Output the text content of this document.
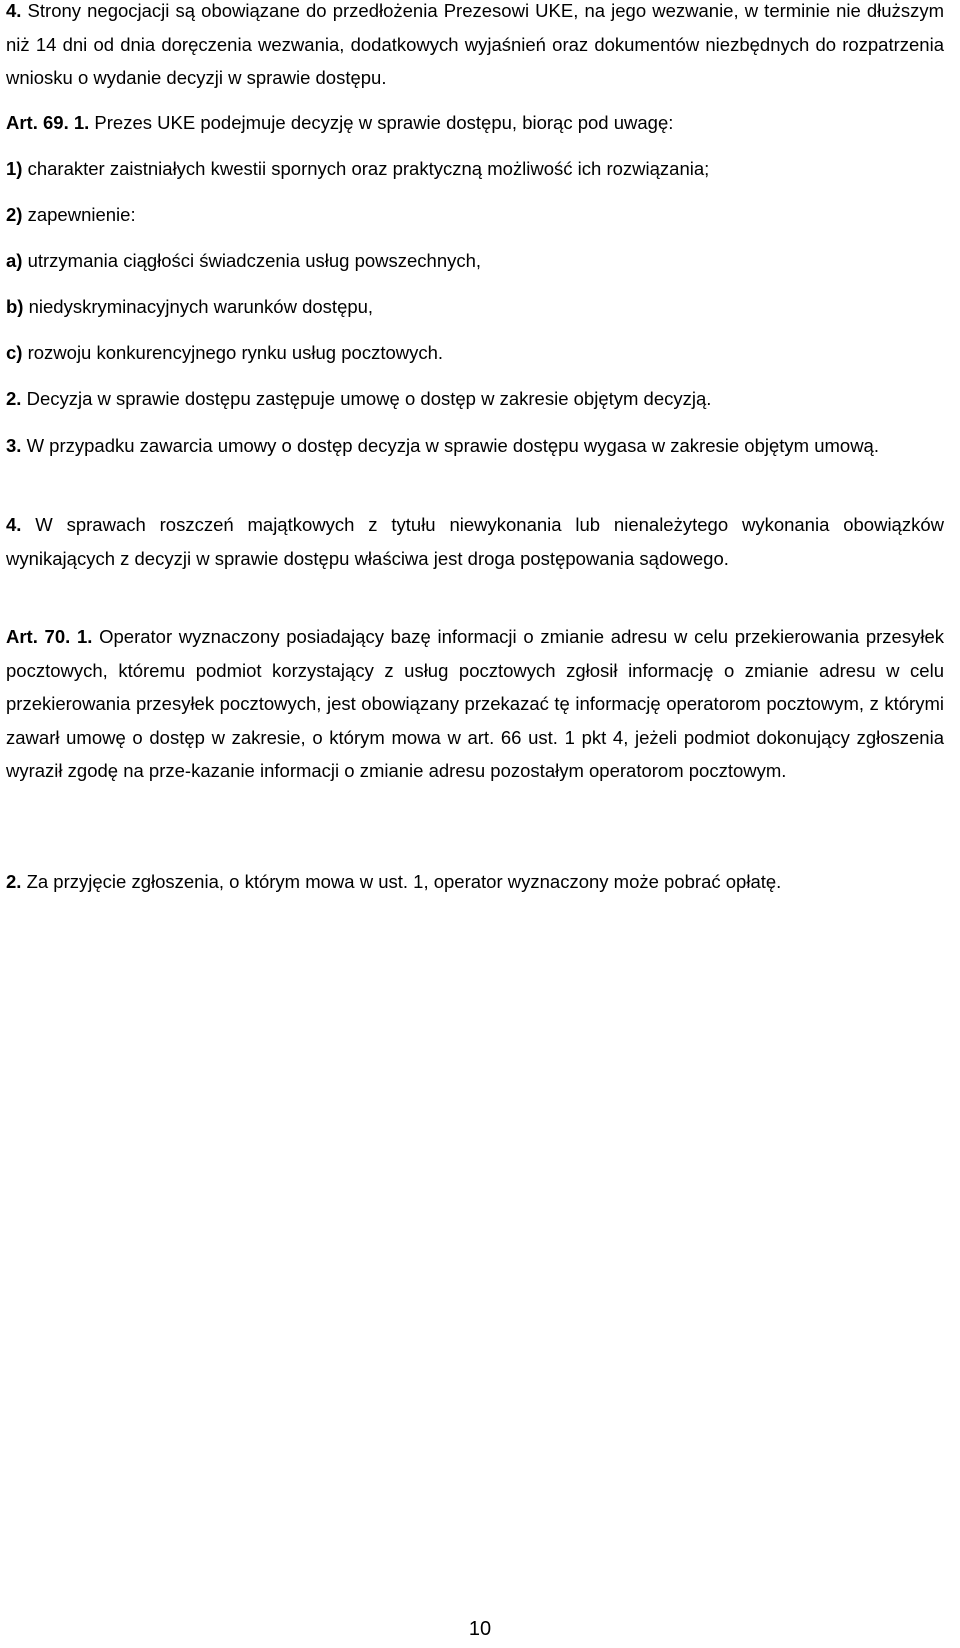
4. Strony negocjacji są obowiązane do przedłożenia Prezesowi UKE, na jego wezwanie, w terminie nie dłuższym niż 14 dni od dnia doręczenia wezwania, dodatkowych wyjaśnień oraz dokumentów niezbędnych do rozpatrzenia wniosku o wydanie decyzji w sprawie dostępu.

Art. 69. 1. Prezes UKE podejmuje decyzję w sprawie dostępu, biorąc pod uwagę:

1) charakter zaistniałych kwestii spornych oraz praktyczną możliwość ich rozwiązania;

2) zapewnienie:

a) utrzymania ciągłości świadczenia usług powszechnych,

b) niedyskryminacyjnych warunków dostępu,

c) rozwoju konkurencyjnego rynku usług pocztowych.

2. Decyzja w sprawie dostępu zastępuje umowę o dostęp w zakresie objętym decyzją.

3. W przypadku zawarcia umowy o dostęp decyzja w sprawie dostępu wygasa w zakresie objętym umową.

4. W sprawach roszczeń majątkowych z tytułu niewykonania lub nienależytego wykonania obowiązków wynikających z decyzji w sprawie dostępu właściwa jest droga postępowania sądowego.

Art. 70. 1. Operator wyznaczony posiadający bazę informacji o zmianie adresu w celu przekierowania przesyłek pocztowych, któremu podmiot korzystający z usług pocztowych zgłosił informację o zmianie adresu w celu przekierowania przesyłek pocztowych, jest obowiązany przekazać tę informację operatorom pocztowym, z którymi zawarł umowę o dostęp w zakresie, o którym mowa w art. 66 ust. 1 pkt 4, jeżeli podmiot dokonujący zgłoszenia wyraził zgodę na prze-kazanie informacji o zmianie adresu pozostałym operatorom pocztowym.

2. Za przyjęcie zgłoszenia, o którym mowa w ust. 1, operator wyznaczony może pobrać opłatę.

10
